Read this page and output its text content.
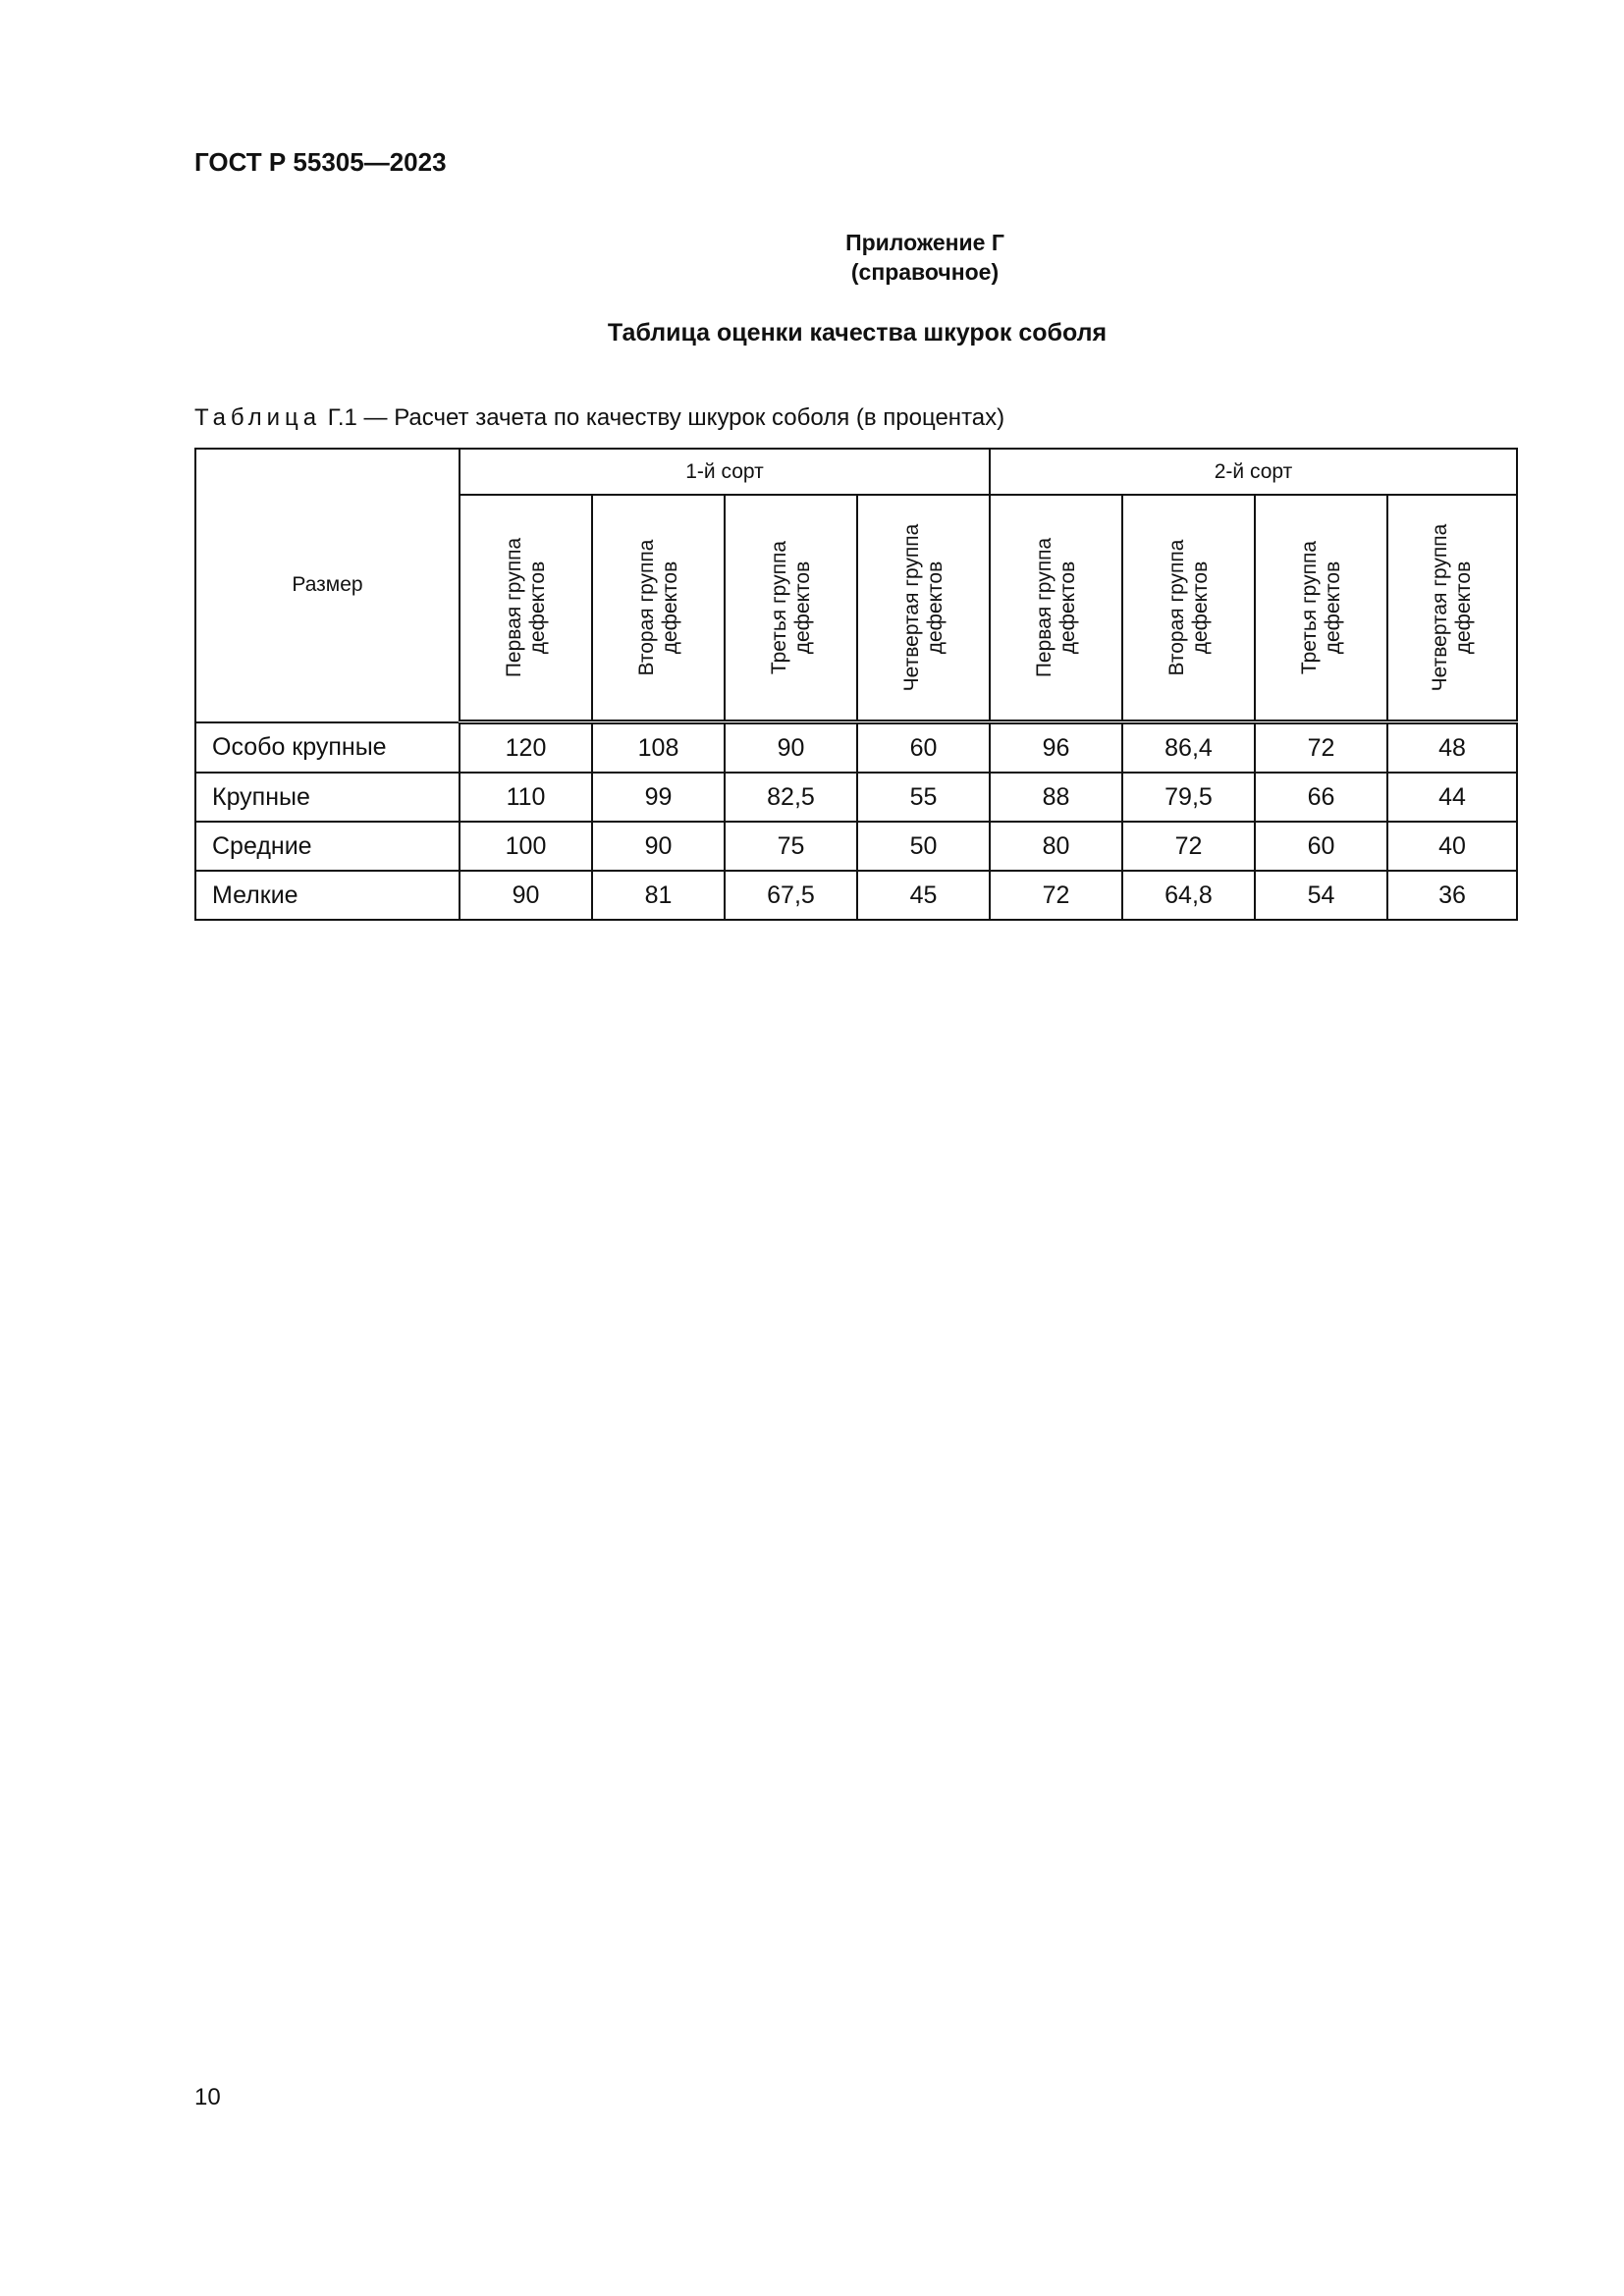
ГОСТ Р 55305—2023
Приложение Г
(справочное)
Таблица оценки качества шкурок соболя
Таблица Г.1 — Расчет зачета по качеству шкурок соболя (в процентах)
Размер	1-й сорт				2-й сорт			

	Первая группа дефектов	Вторая группа дефектов	Третья группа дефектов	Четвертая группа дефектов	Первая группа дефектов	Вторая группа дефектов	Третья группа дефектов	Четвертая группа дефектов

Особо крупные	120	108	90	60	96	86,4	72	48
Крупные	110	99	82,5	55	88	79,5	66	44
Средние	100	90	75	50	80	72	60	40
Мелкие	90	81	67,5	45	72	64,8	54	36
10
